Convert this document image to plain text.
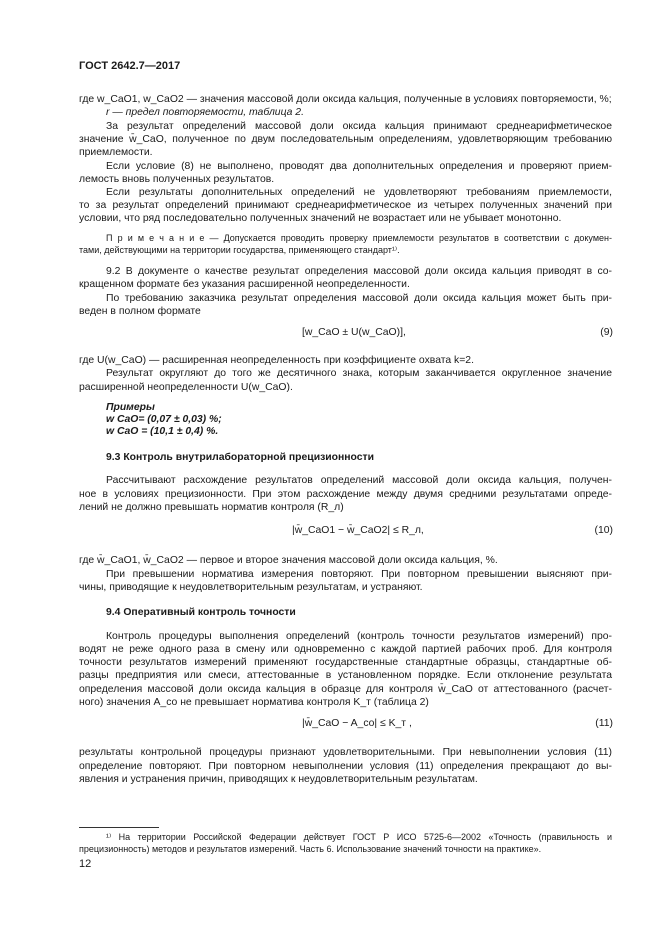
ГОСТ 2642.7—2017
где w_CaO1, w_CaO2 — значения массовой доли оксида кальция, полученные в условиях повторяемости, %;
r — предел повторяемости, таблица 2.
За результат определений массовой доли оксида кальция принимают среднеарифметическое
значение w̄_CaO, полученное по двум последовательным определениям, удовлетворяющим требованию
приемлемости.
Если условие (8) не выполнено, проводят два дополнительных определения и проверяют прием-
лемость вновь полученных результатов.
Если результаты дополнительных определений не удовлетворяют требованиям приемлемости,
то за результат определений принимают среднеарифметическое из четырех полученных значений при
условии, что ряд последовательно полученных значений не возрастает или не убывает монотонно.
П р и м е ч а н и е — Допускается проводить проверку приемлемости результатов в соответствии с докумен-
тами, действующими на территории государства, применяющего стандарт¹⁾.
9.2 В документе о качестве результат определения массовой доли оксида кальция приводят в со-
кращенном формате без указания расширенной неопределенности.
По требованию заказчика результат определения массовой доли оксида кальция может быть при-
веден в полном формате
[w_CaO ± U(w_CaO)],	(9)
где U(w_CaO) — расширенная неопределенность при коэффициенте охвата k=2.
Результат округляют до того же десятичного знака, которым заканчивается округленное значение
расширенной неопределенности U(w_CaO).
Примеры
w CaO= (0,07 ± 0,03) %;
w CaO = (10,1 ± 0,4) %.
9.3 Контроль внутрилабораторной прецизионности
Рассчитывают расхождение результатов определений массовой доли оксида кальция, получен-
ное в условиях прецизионности. При этом расхождение между двумя средними результатами опреде-
лений не должно превышать норматив контроля (R_л)
|w̄_CaO1 − w̄_CaO2| ≤ R_л,	(10)
где w̄_CaO1, w̄_CaO2 — первое и второе значения массовой доли оксида кальция, %.
При превышении норматива измерения повторяют. При повторном превышении выясняют при-
чины, приводящие к неудовлетворительным результатам, и устраняют.
9.4 Оперативный контроль точности
Контроль процедуры выполнения определений (контроль точности результатов измерений) про-
водят не реже одного раза в смену или одновременно с каждой партией рабочих проб. Для контроля
точности результатов измерений применяют государственные стандартные образцы, стандартные об-
разцы предприятия или смеси, аттестованные в установленном порядке. Если отклонение результата
определения массовой доли оксида кальция в образце для контроля w̄_CaO от аттестованного (расчет-
ного) значения A_со не превышает норматива контроля K_т (таблица 2)
|w̄_CaO − A_со| ≤ K_т ,	(11)
результаты контрольной процедуры признают удовлетворительными. При невыполнении условия (11)
определение повторяют. При повторном невыполнении условия (11) определения прекращают до вы-
явления и устранения причин, приводящих к неудовлетворительным результатам.
¹⁾ На территории Российской Федерации действует ГОСТ Р ИСО 5725-6—2002 «Точность (правильность и
прецизионность) методов и результатов измерений. Часть 6. Использование значений точности на практике».
12
